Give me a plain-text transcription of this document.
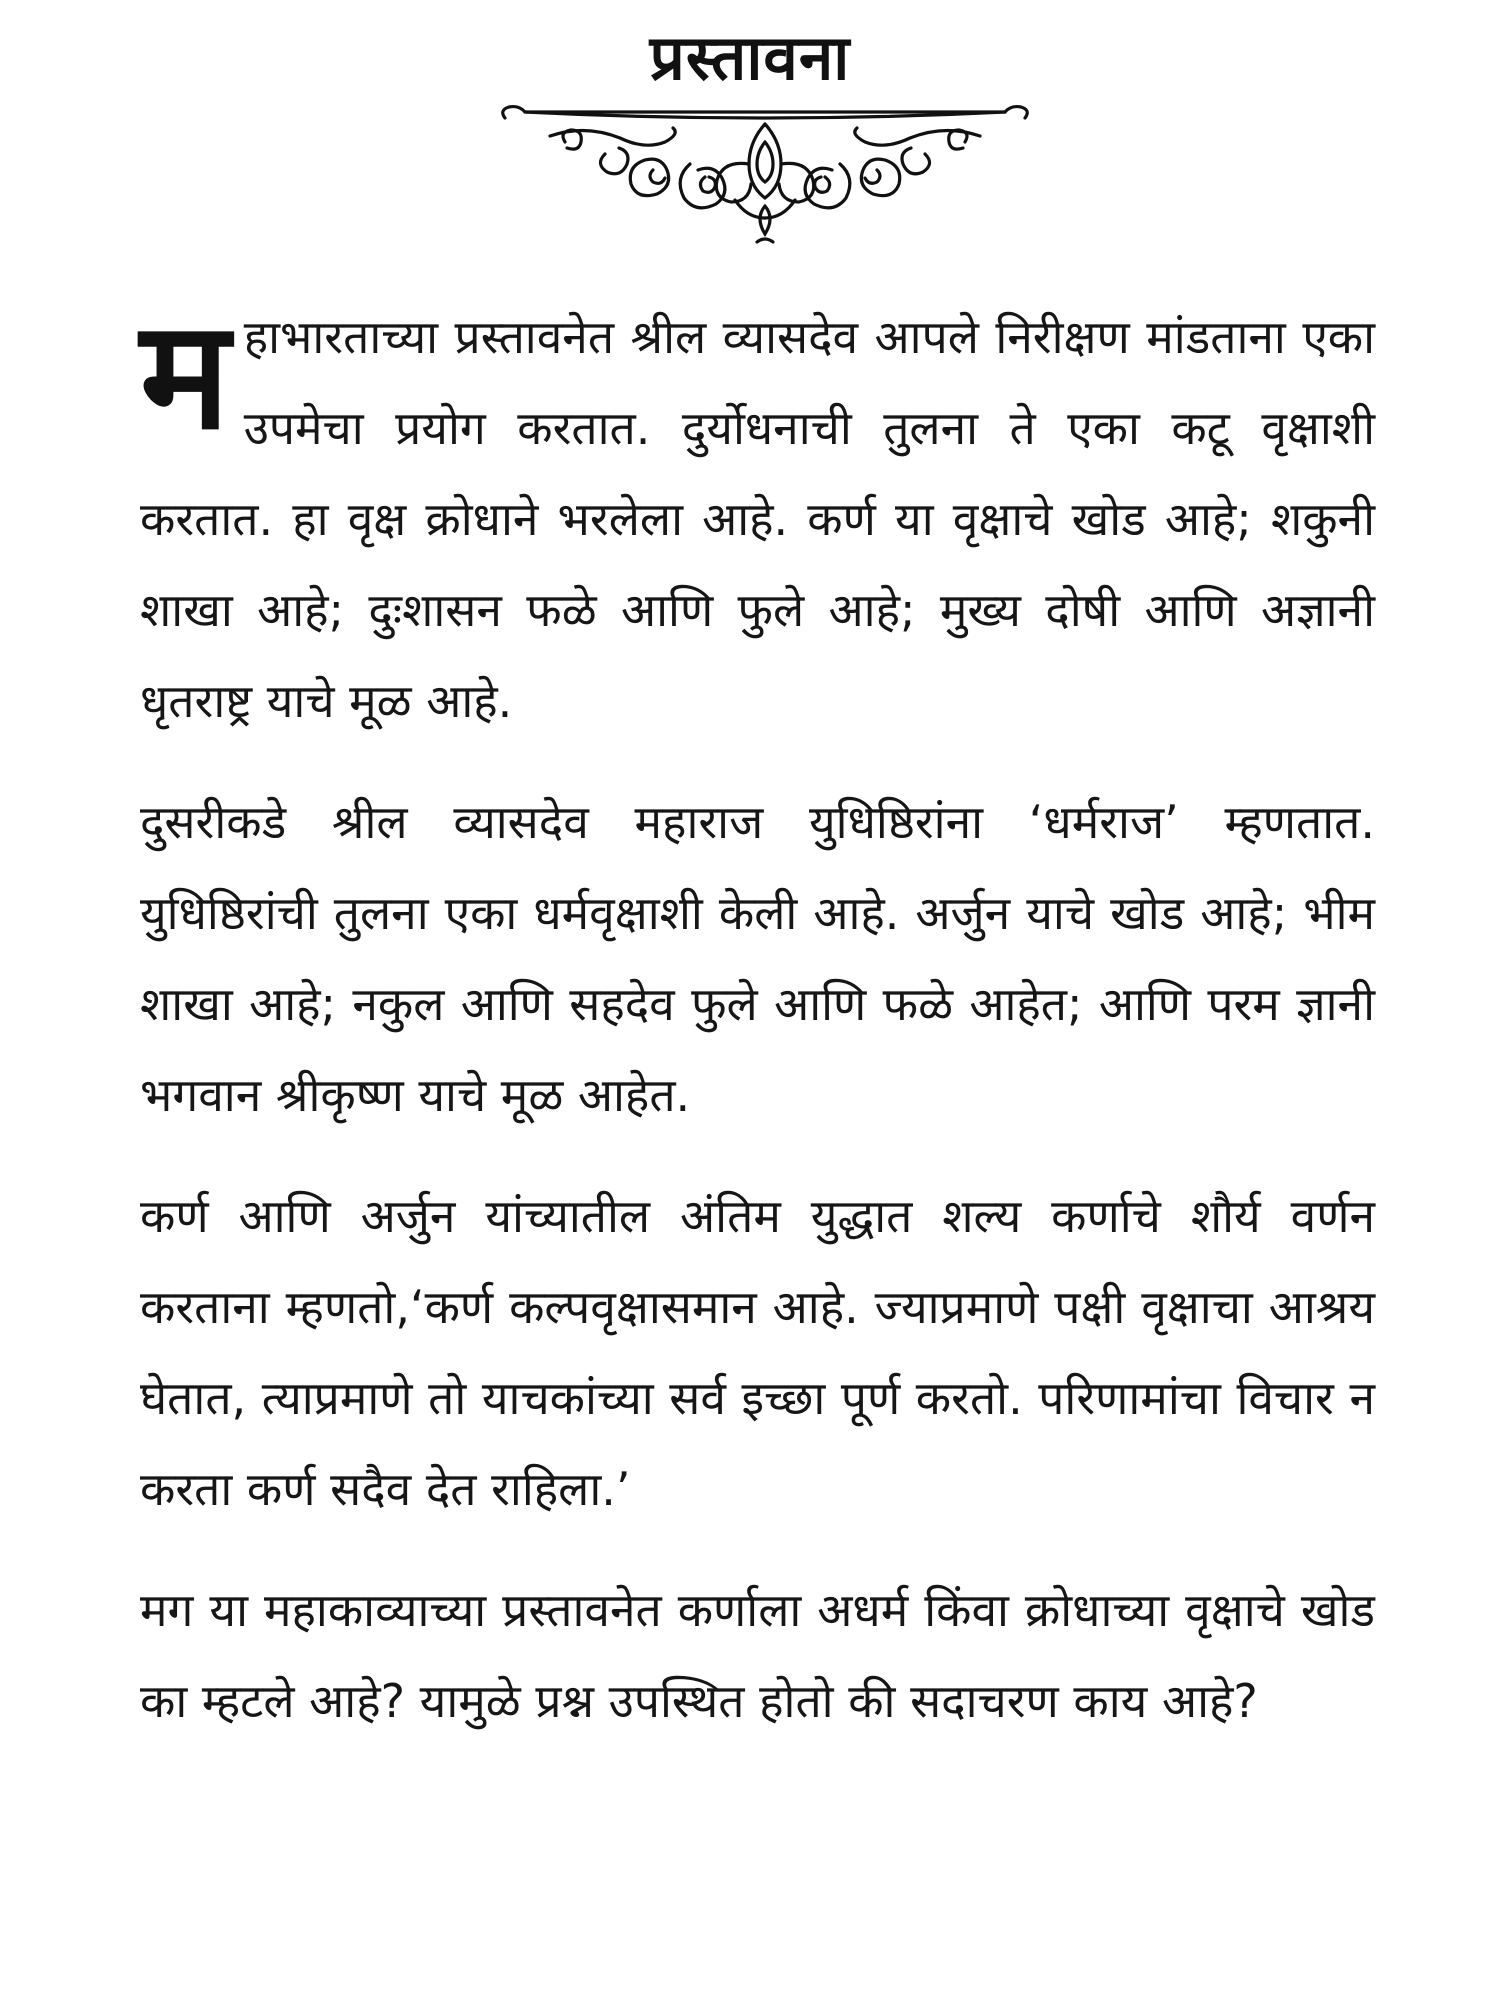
प्रस्तावना

महाभारताच्या प्रस्तावनेत श्रील व्यासदेव आपले निरीक्षण मांडताना एका उपमेचा प्रयोग करतात. दुर्योधनाची तुलना ते एका कटू वृक्षाशी करतात. हा वृक्ष क्रोधाने भरलेला आहे. कर्ण या वृक्षाचे खोड आहे; शकुनी शाखा आहे; दुःशासन फळे आणि फुले आहे; मुख्य दोषी आणि अज्ञानी धृतराष्ट्र याचे मूळ आहे.

दुसरीकडे श्रील व्यासदेव महाराज युधिष्ठिरांना ‘धर्मराज’ म्हणतात. युधिष्ठिरांची तुलना एका धर्मवृक्षाशी केली आहे. अर्जुन याचे खोड आहे; भीम शाखा आहे; नकुल आणि सहदेव फुले आणि फळे आहेत; आणि परम ज्ञानी भगवान श्रीकृष्ण याचे मूळ आहेत.

कर्ण आणि अर्जुन यांच्यातील अंतिम युद्धात शल्य कर्णाचे शौर्य वर्णन करताना म्हणतो,‘कर्ण कल्पवृक्षासमान आहे. ज्याप्रमाणे पक्षी वृक्षाचा आश्रय घेतात, त्याप्रमाणे तो याचकांच्या सर्व इच्छा पूर्ण करतो. परिणामांचा विचार न करता कर्ण सदैव देत राहिला.’

मग या महाकाव्याच्या प्रस्तावनेत कर्णाला अधर्म किंवा क्रोधाच्या वृक्षाचे खोड का म्हटले आहे? यामुळे प्रश्न उपस्थित होतो की सदाचरण काय आहे?
